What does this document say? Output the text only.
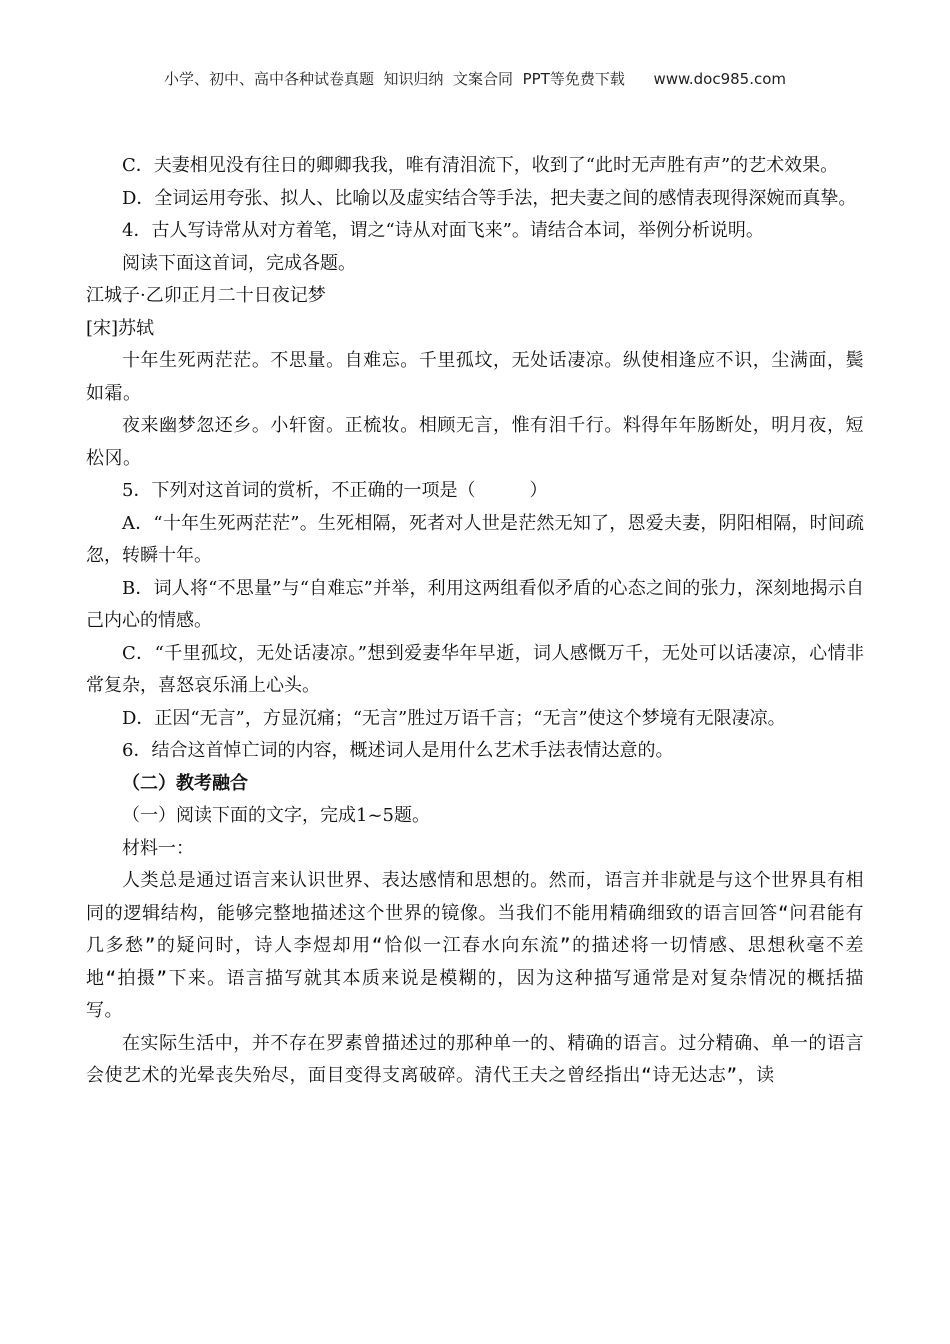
小学、初中、高中各种试卷真题  知识归纳  文案合同  PPT等免费下载      www.doc985.com

C．夫妻相见没有往日的卿卿我我，唯有清泪流下，收到了“此时无声胜有声”的艺术效果。

D．全词运用夸张、拟人、比喻以及虚实结合等手法，把夫妻之间的感情表现得深婉而真挚。

4．古人写诗常从对方着笔，谓之“诗从对面飞来”。请结合本词，举例分析说明。

阅读下面这首词，完成各题。

江城子·乙卯正月二十日夜记梦

[宋]苏轼

十年生死两茫茫。不思量。自难忘。千里孤坟，无处话凄凉。纵使相逢应不识，尘满面，鬓如霜。

夜来幽梦忽还乡。小轩窗。正梳妆。相顾无言，惟有泪千行。料得年年肠断处，明月夜，短松冈。

5．下列对这首词的赏析，不正确的一项是（　　　）

A．“十年生死两茫茫”。生死相隔，死者对人世是茫然无知了，恩爱夫妻，阴阳相隔，时间疏忽，转瞬十年。

B．词人将“不思量”与“自难忘”并举，利用这两组看似矛盾的心态之间的张力，深刻地揭示自己内心的情感。

C．“千里孤坟，无处话凄凉。”想到爱妻华年早逝，词人感慨万千，无处可以话凄凉，心情非常复杂，喜怒哀乐涌上心头。

D．正因“无言”，方显沉痛；“无言”胜过万语千言；“无言”使这个梦境有无限凄凉。

6．结合这首悼亡词的内容，概述词人是用什么艺术手法表情达意的。

（二）教考融合

（一）阅读下面的文字，完成1~5题。

材料一：

人类总是通过语言来认识世界、表达感情和思想的。然而，语言并非就是与这个世界具有相同的逻辑结构，能够完整地描述这个世界的镜像。当我们不能用精确细致的语言回答“问君能有几多愁”的疑问时，诗人李煜却用“恰似一江春水向东流”的描述将一切情感、思想秋毫不差地“拍摄”下来。语言描写就其本质来说是模糊的，因为这种描写通常是对复杂情况的概括描写。

在实际生活中，并不存在罗素曾描述过的那种单一的、精确的语言。过分精确、单一的语言会使艺术的光晕丧失殆尽，面目变得支离破碎。清代王夫之曾经指出“诗无达志”，读
